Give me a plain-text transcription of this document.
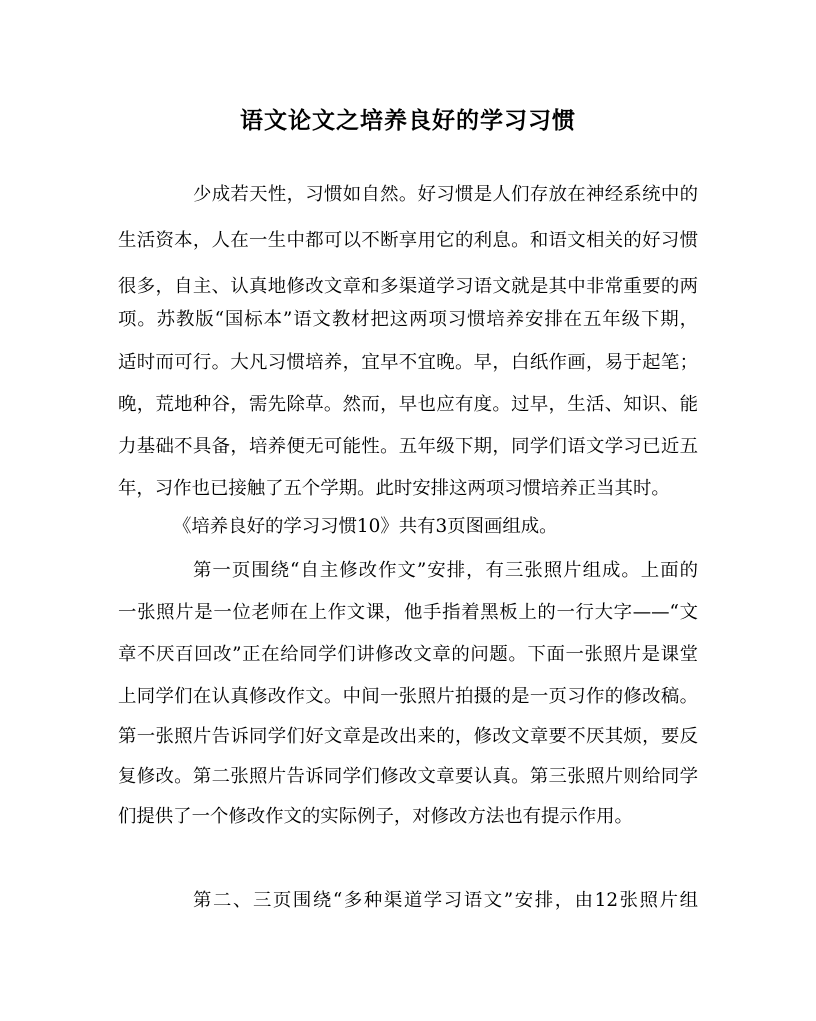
语文论文之培养良好的学习习惯

少成若天性，习惯如自然。好习惯是人们存放在神经系统中的

生活资本，人在一生中都可以不断享用它的利息。和语文相关的好习惯

很多，自主、认真地修改文章和多渠道学习语文就是其中非常重要的两

项。苏教版“国标本”语文教材把这两项习惯培养安排在五年级下期，

适时而可行。大凡习惯培养，宜早不宜晚。早，白纸作画，易于起笔；

晚，荒地种谷，需先除草。然而，早也应有度。过早，生活、知识、能

力基础不具备，培养便无可能性。五年级下期，同学们语文学习已近五

年，习作也已接触了五个学期。此时安排这两项习惯培养正当其时。

《培养良好的学习习惯10》共有3页图画组成。

第一页围绕“自主修改作文”安排，有三张照片组成。上面的

一张照片是一位老师在上作文课，他手指着黑板上的一行大字——“文

章不厌百回改”正在给同学们讲修改文章的问题。下面一张照片是课堂

上同学们在认真修改作文。中间一张照片拍摄的是一页习作的修改稿。

第一张照片告诉同学们好文章是改出来的，修改文章要不厌其烦，要反

复修改。第二张照片告诉同学们修改文章要认真。第三张照片则给同学

们提供了一个修改作文的实际例子，对修改方法也有提示作用。

第二、三页围绕“多种渠道学习语文”安排，由12张照片组
